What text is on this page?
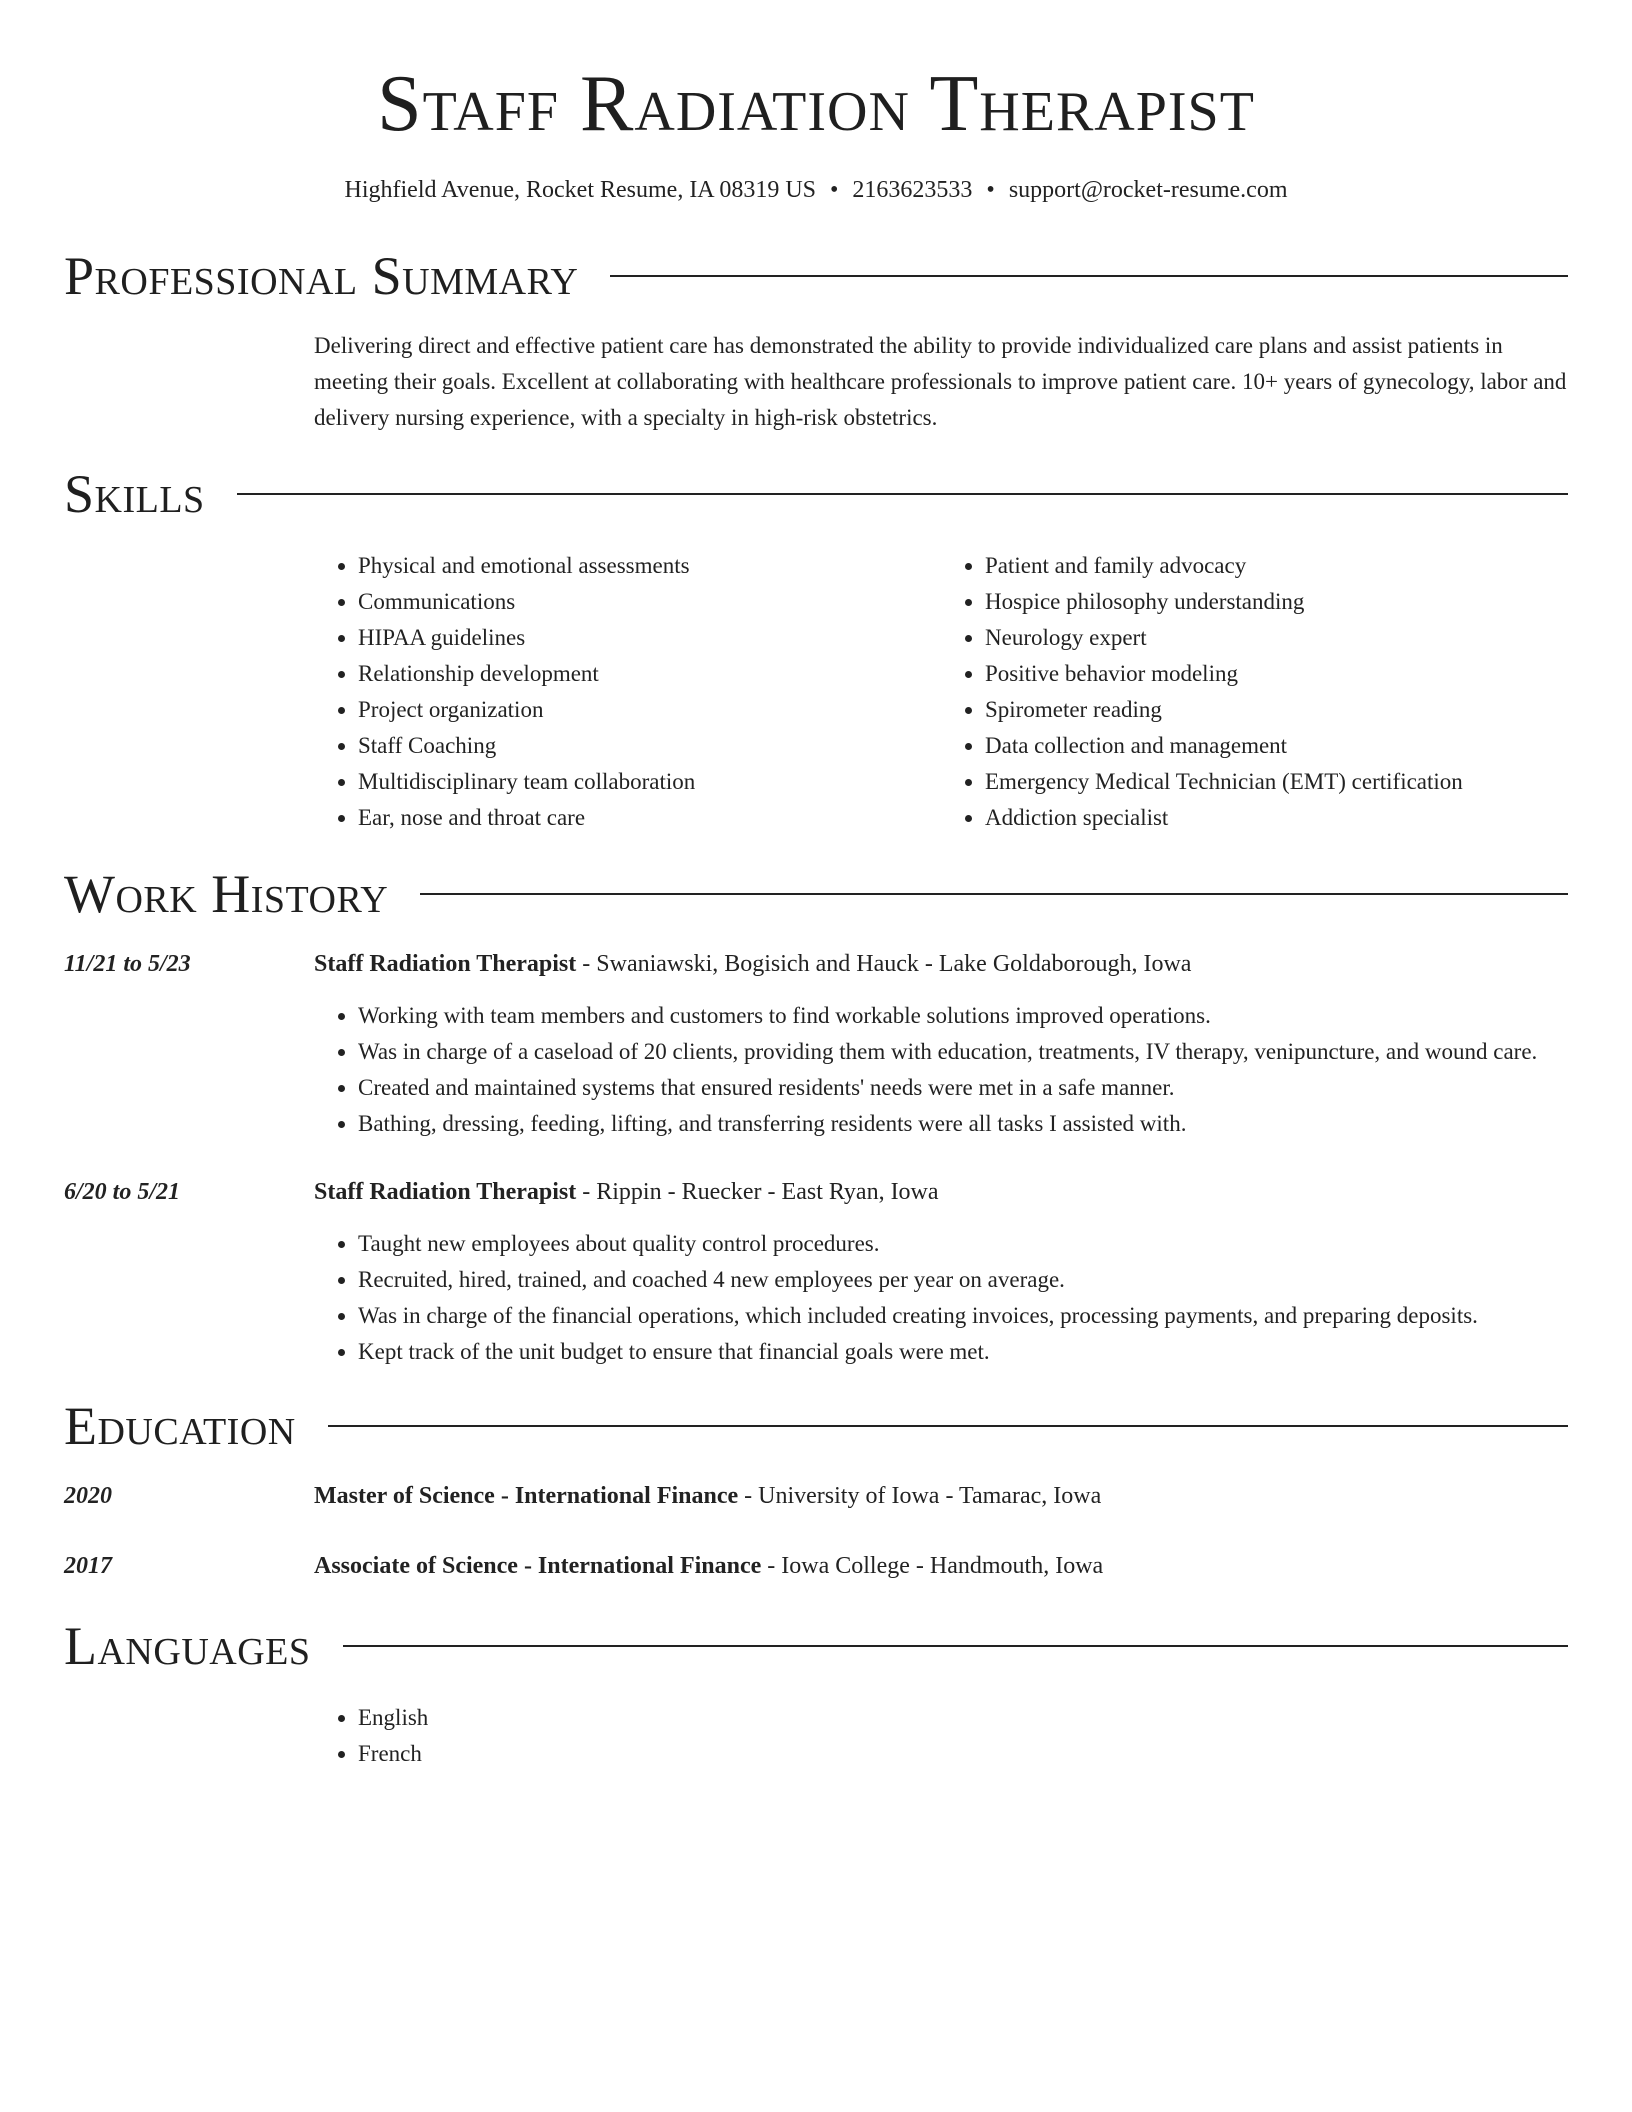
Staff Radiation Therapist
Highfield Avenue, Rocket Resume, IA 08319 US • 2163623533 • support@rocket-resume.com
Professional Summary

Delivering direct and effective patient care has demonstrated the ability to provide individualized care plans and assist patients in meeting their goals. Excellent at collaborating with healthcare professionals to improve patient care. 10+ years of gynecology, labor and delivery nursing experience, with a specialty in high-risk obstetrics.

Skills
• Physical and emotional assessments
• Communications
• HIPAA guidelines
• Relationship development
• Project organization
• Staff Coaching
• Multidisciplinary team collaboration
• Ear, nose and throat care
• Patient and family advocacy
• Hospice philosophy understanding
• Neurology expert
• Positive behavior modeling
• Spirometer reading
• Data collection and management
• Emergency Medical Technician (EMT) certification
• Addiction specialist
Work History
11/21 to 5/23	Staff Radiation Therapist - Swaniawski, Bogisich and Hauck - Lake Goldaborough, Iowa
• Working with team members and customers to find workable solutions improved operations.
• Was in charge of a caseload of 20 clients, providing them with education, treatments, IV therapy, venipuncture, and wound care.
• Created and maintained systems that ensured residents' needs were met in a safe manner.
• Bathing, dressing, feeding, lifting, and transferring residents were all tasks I assisted with.
6/20 to 5/21	Staff Radiation Therapist - Rippin - Ruecker - East Ryan, Iowa
• Taught new employees about quality control procedures.
• Recruited, hired, trained, and coached 4 new employees per year on average.
• Was in charge of the financial operations, which included creating invoices, processing payments, and preparing deposits.
• Kept track of the unit budget to ensure that financial goals were met.
Education
2020	Master of Science - International Finance - University of Iowa - Tamarac, Iowa
2017	Associate of Science - International Finance - Iowa College - Handmouth, Iowa
Languages
• English
• French
